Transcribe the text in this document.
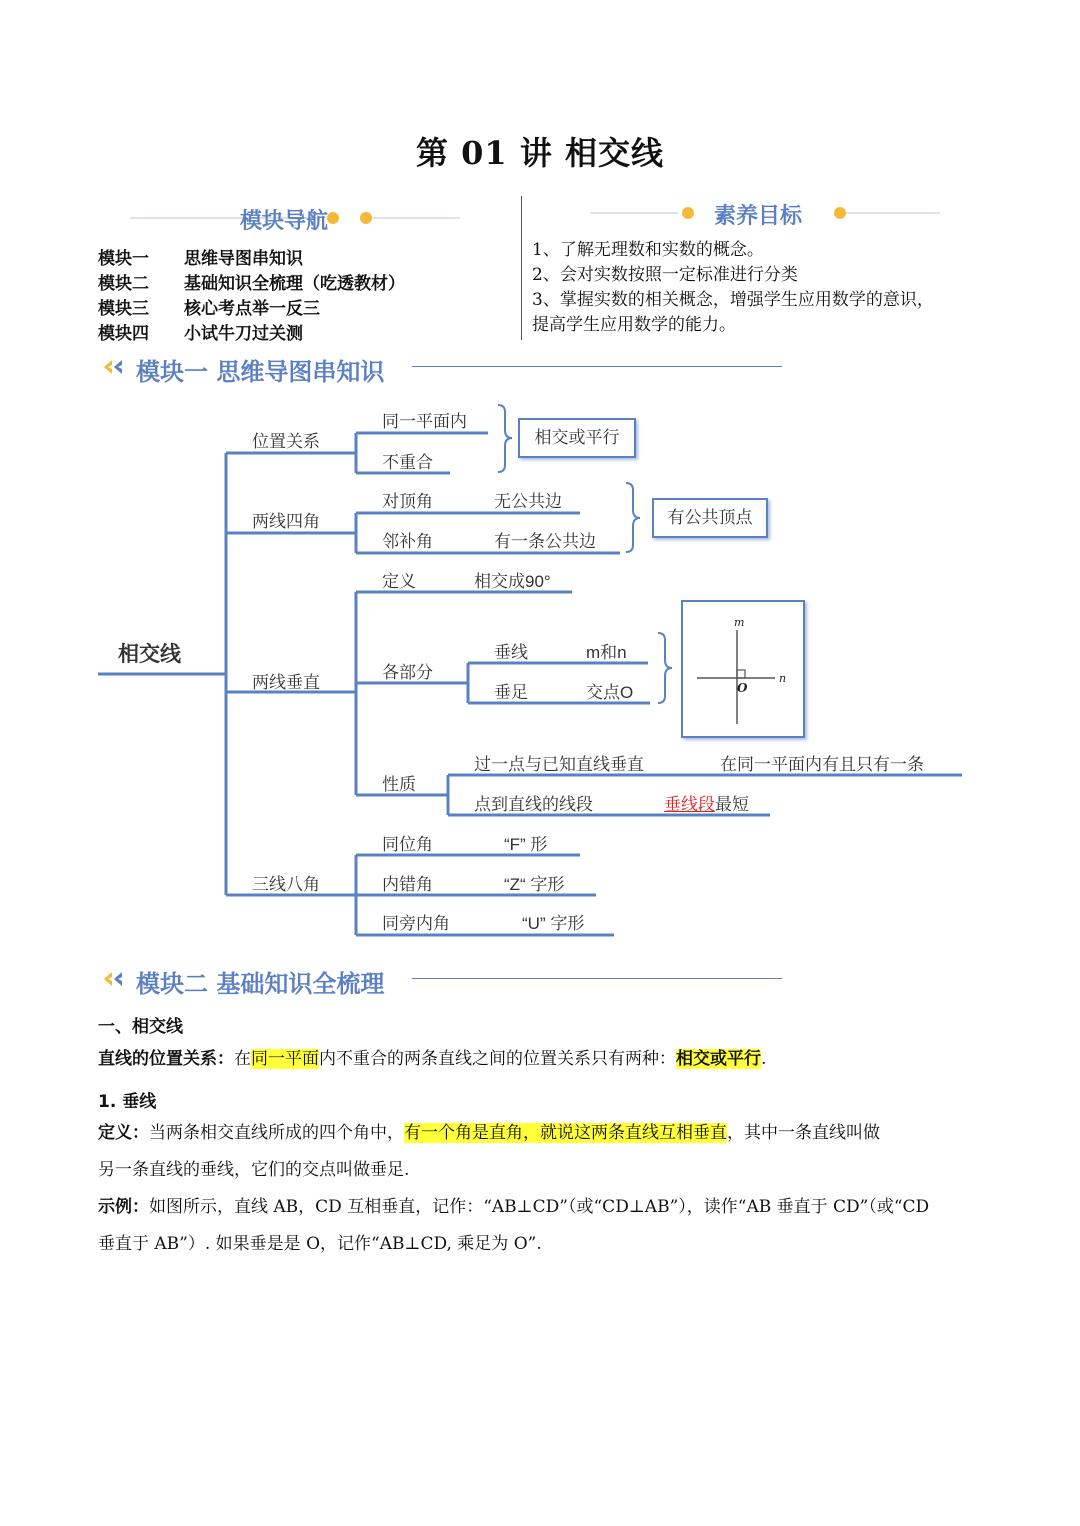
第 01 讲 相交线
模块导航
模块一 思维导图串知识
模块二 基础知识全梳理（吃透教材）
模块三 核心考点举一反三
模块四 小试牛刀过关测
素养目标
1、了解无理数和实数的概念。
2、会对实数按照一定标准进行分类
3、掌握实数的相关概念，增强学生应用数学的意识，
提高学生应用数学的能力。
模块一 思维导图串知识
相交线
位置关系
同一平面内
不重合
相交或平行
两线四角
对顶角	无公共边
邻补角	有一条公共边
有公共顶点
两线垂直
定义	相交成90°
各部分
垂线	m和n
垂足	交点O
性质
过一点与已知直线垂直	在同一平面内有且只有一条
点到直线的线段	垂线段最短
m
n
O
三线八角
同位角	“F” 形
内错角	“Z“ 字形
同旁内角	“U” 字形
模块二 基础知识全梳理
一、相交线
直线的位置关系：在同一平面内不重合的两条直线之间的位置关系只有两种：相交或平行.
1. 垂线
定义：当两条相交直线所成的四个角中，有一个角是直角，就说这两条直线互相垂直，其中一条直线叫做
另一条直线的垂线，它们的交点叫做垂足.
示例：如图所示，直线 AB，CD 互相垂直，记作：“AB⊥CD”（或“CD⊥AB”），读作“AB 垂直于 CD”（或“CD
垂直于 AB”）. 如果垂是是 O，记作“AB⊥CD, 乘足为 O”.
